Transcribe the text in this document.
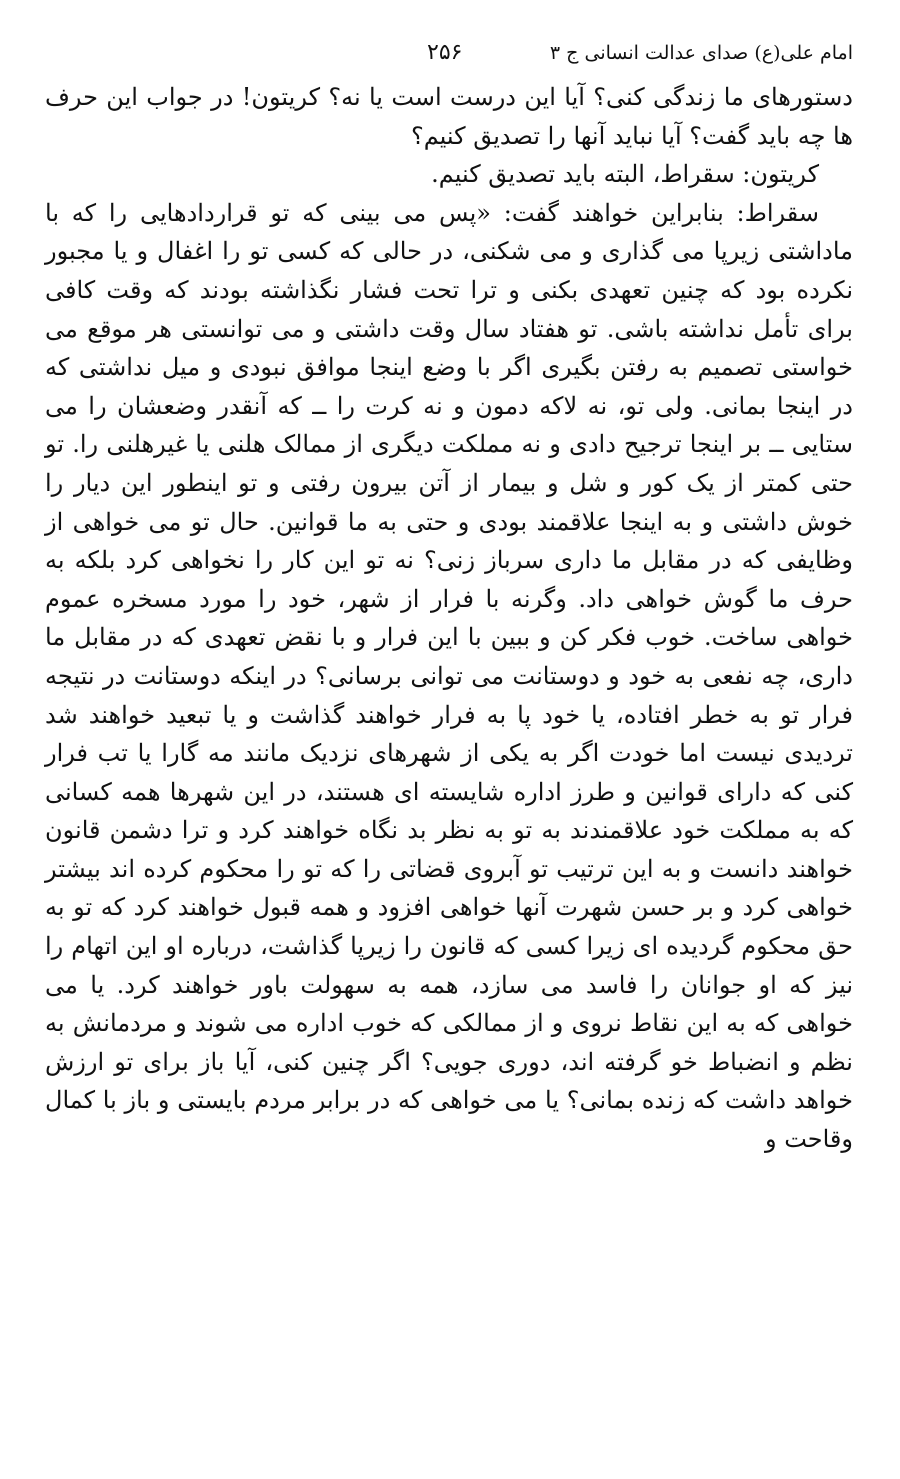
امام علی(ع) صدای عدالت انسانی ج ۳
۲۵۶

دستورهای ما زندگی کنی؟ آیا این درست است یا نه؟ کریتون! در جواب این حرف ها چه باید گفت؟ آیا نباید آنها را تصدیق کنیم؟

کریتون: سقراط، البته باید تصدیق کنیم.

سقراط: بنابراین خواهند گفت: «پس می بینی که تو قراردادهایی را که با ماداشتی زیرپا می گذاری و می شکنی، در حالی که کسی تو را اغفال و یا مجبور نکرده بود که چنین تعهدی بکنی و ترا تحت فشار نگذاشته بودند که وقت کافی برای تأمل نداشته باشی. تو هفتاد سال وقت داشتی و می توانستی هر موقع می خواستی تصمیم به رفتن بگیری اگر با وضع اینجا موافق نبودی و میل نداشتی که در اینجا بمانی. ولی تو، نه لاکه دمون و نه کرت را ــ که آنقدر وضعشان را می ستایی ــ بر اینجا ترجیح دادی و نه مملکت دیگری از ممالک هلنی یا غیرهلنی را. تو حتی کمتر از یک کور و شل و بیمار از آتن بیرون رفتی و تو اینطور این دیار را خوش داشتی و به اینجا علاقمند بودی و حتی به ما قوانین. حال تو می خواهی از وظایفی که در مقابل ما داری سرباز زنی؟ نه تو این کار را نخواهی کرد بلکه به حرف ما گوش خواهی داد. وگرنه با فرار از شهر، خود را مورد مسخره عموم خواهی ساخت. خوب فکر کن و ببین با این فرار و با نقض تعهدی که در مقابل ما داری، چه نفعی به خود و دوستانت می توانی برسانی؟ در اینکه دوستانت در نتیجه فرار تو به خطر افتاده، یا خود پا به فرار خواهند گذاشت و یا تبعید خواهند شد تردیدی نیست اما خودت اگر به یکی از شهرهای نزدیک مانند مه گارا یا تب فرار کنی که دارای قوانین و طرز اداره شایسته ای هستند، در این شهرها همه کسانی که به مملکت خود علاقمندند به تو به نظر بد نگاه خواهند کرد و ترا دشمن قانون خواهند دانست و به این ترتیب تو آبروی قضاتی را که تو را محکوم کرده اند بیشتر خواهی کرد و بر حسن شهرت آنها خواهی افزود و همه قبول خواهند کرد که تو به حق محکوم گردیده ای زیرا کسی که قانون را زیرپا گذاشت، درباره او این اتهام را نیز که او جوانان را فاسد می سازد، همه به سهولت باور خواهند کرد. یا می خواهی که به این نقاط نروی و از ممالکی که خوب اداره می شوند و مردمانش به نظم و انضباط خو گرفته اند، دوری جویی؟ اگر چنین کنی، آیا باز برای تو ارزش خواهد داشت که زنده بمانی؟ یا می خواهی که در برابر مردم بایستی و باز با کمال وقاحت و
